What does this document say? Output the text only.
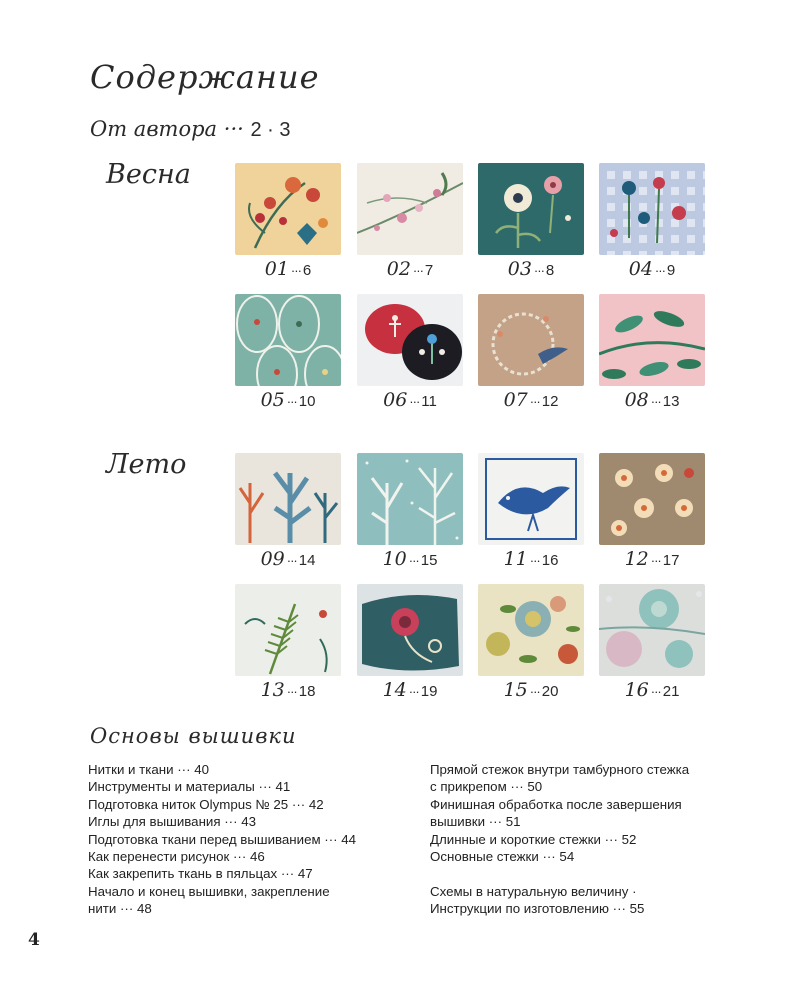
Содержание
От автора ··· 2 · 3
Весна
Лето
01 ··· 6	02 ··· 7	03 ··· 8	04 ··· 9
05 ··· 10	06 ··· 11	07 ··· 12	08 ··· 13
09 ··· 14	10 ··· 15	11 ··· 16	12 ··· 17
13 ··· 18	14 ··· 19	15 ··· 20	16 ··· 21
Основы вышивки
Нитки и ткани ··· 40
Инструменты и материалы ··· 41
Подготовка ниток Olympus № 25 ··· 42
Иглы для вышивания ··· 43
Подготовка ткани перед вышиванием ··· 44
Как перенести рисунок ··· 46
Как закрепить ткань в пяльцах ··· 47
Начало и конец вышивки, закрепление
нити ··· 48
Прямой стежок внутри тамбурного стежка
с прикрепом ··· 50
Финишная обработка после завершения
вышивки ··· 51
Длинные и короткие стежки ··· 52
Основные стежки ··· 54
Схемы в натуральную величину ·
Инструкции по изготовлению ··· 55
4
